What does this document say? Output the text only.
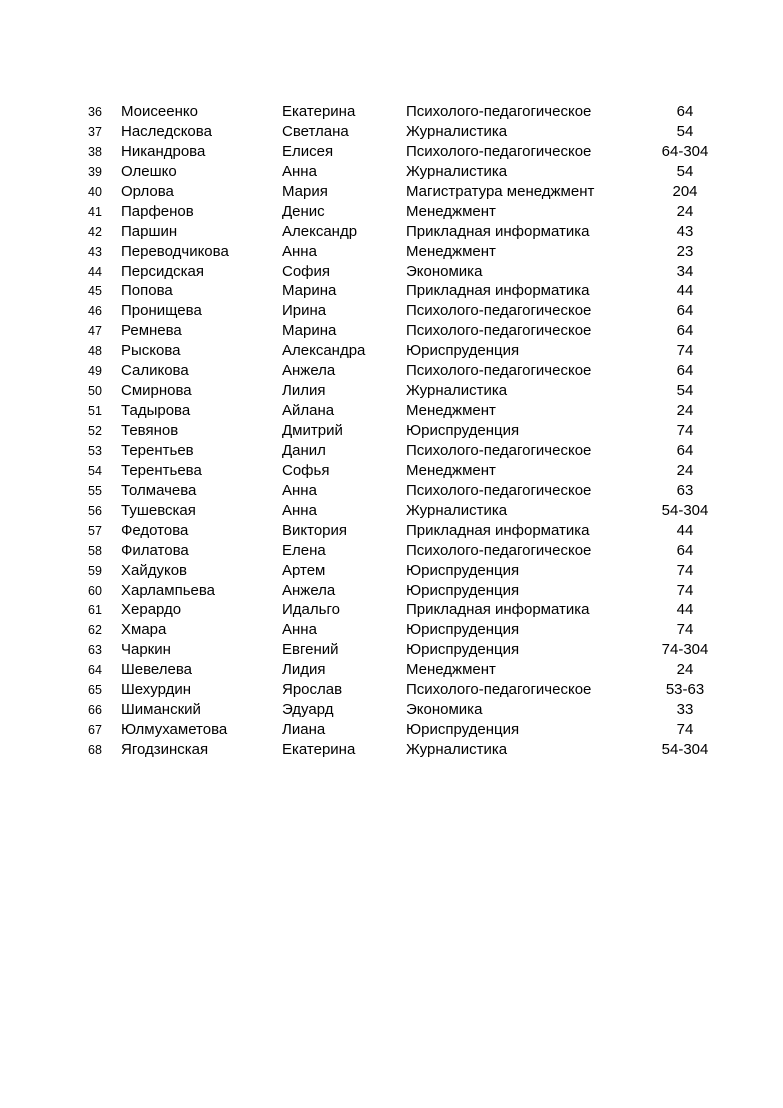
36	Моисеенко	Екатерина	Психолого-педагогическое	64
37	Наследскова	Светлана	Журналистика	54
38	Никандрова	Елисея	Психолого-педагогическое	64-304
39	Олешко	Анна	Журналистика	54
40	Орлова	Мария	Магистратура менеджмент	204
41	Парфенов	Денис	Менеджмент	24
42	Паршин	Александр	Прикладная информатика	43
43	Переводчикова	Анна	Менеджмент	23
44	Персидская	София	Экономика	34
45	Попова	Марина	Прикладная информатика	44
46	Пронищева	Ирина	Психолого-педагогическое	64
47	Ремнева	Марина	Психолого-педагогическое	64
48	Рыскова	Александра	Юриспруденция	74
49	Саликова	Анжела	Психолого-педагогическое	64
50	Смирнова	Лилия	Журналистика	54
51	Тадырова	Айлана	Менеджмент	24
52	Тевянов	Дмитрий	Юриспруденция	74
53	Терентьев	Данил	Психолого-педагогическое	64
54	Терентьева	Софья	Менеджмент	24
55	Толмачева	Анна	Психолого-педагогическое	63
56	Тушевская	Анна	Журналистика	54-304
57	Федотова	Виктория	Прикладная информатика	44
58	Филатова	Елена	Психолого-педагогическое	64
59	Хайдуков	Артем	Юриспруденция	74
60	Харлампьева	Анжела	Юриспруденция	74
61	Херардо	Идальго	Прикладная информатика	44
62	Хмара	Анна	Юриспруденция	74
63	Чаркин	Евгений	Юриспруденция	74-304
64	Шевелева	Лидия	Менеджмент	24
65	Шехурдин	Ярослав	Психолого-педагогическое	53-63
66	Шиманский	Эдуард	Экономика	33
67	Юлмухаметова	Лиана	Юриспруденция	74
68	Ягодзинская	Екатерина	Журналистика	54-304
